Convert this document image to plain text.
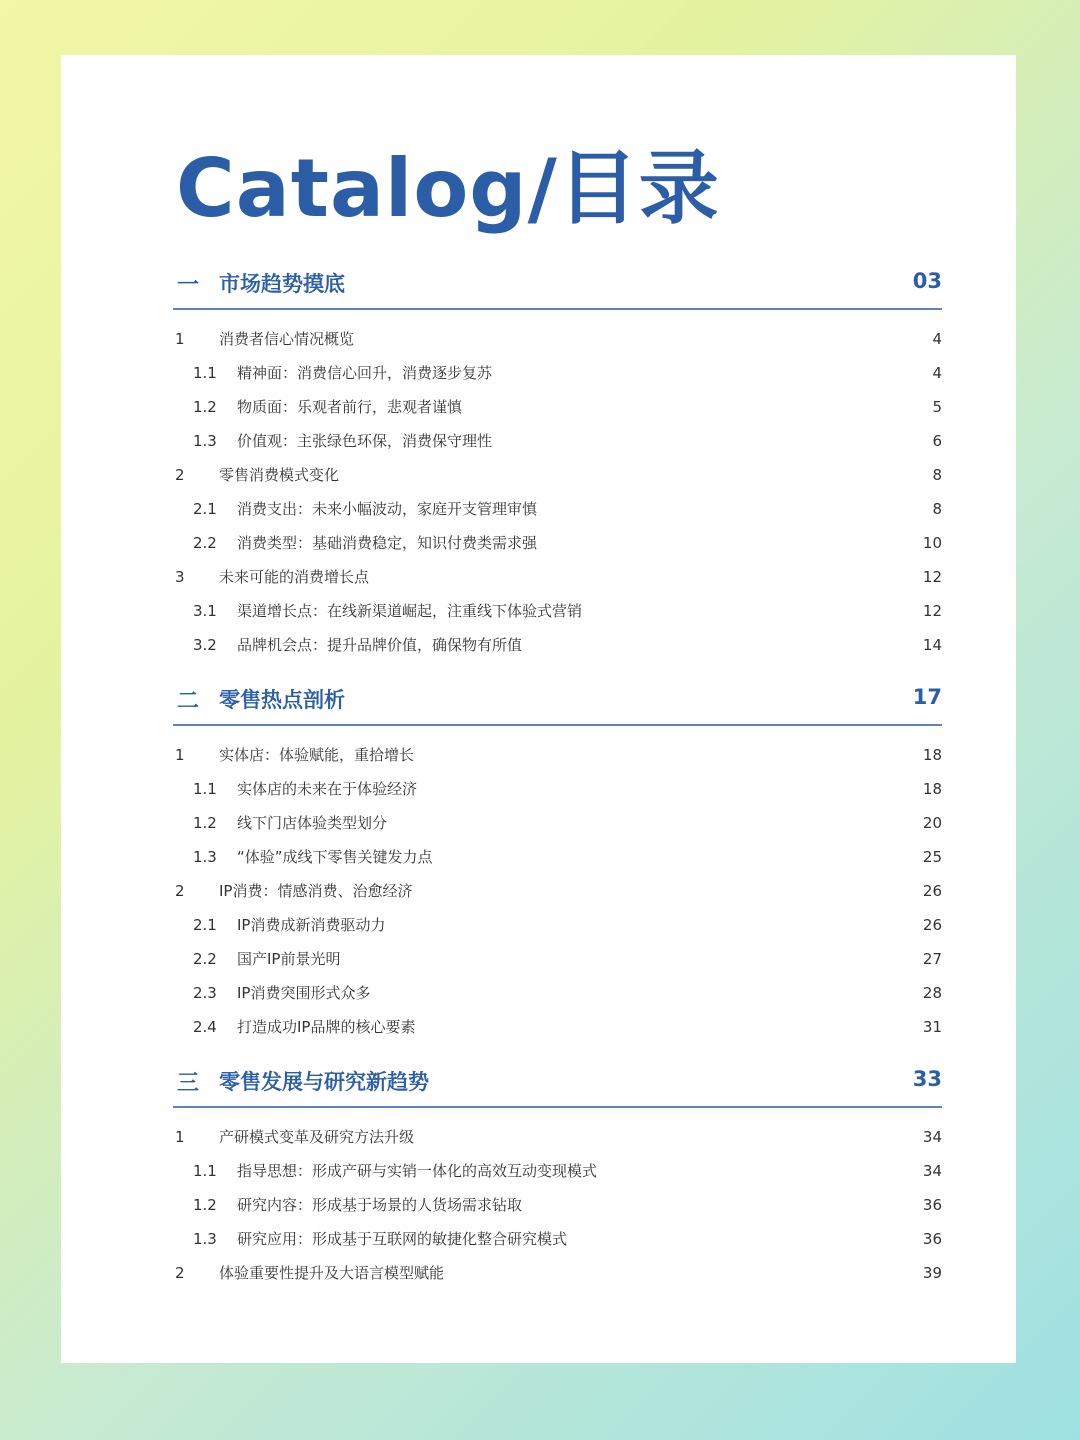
Catalog/目录
一 市场趋势摸底	03
1 消费者信心情况概览	4
1.1 精神面：消费信心回升，消费逐步复苏	4
1.2 物质面：乐观者前行，悲观者谨慎	5
1.3 价值观：主张绿色环保，消费保守理性	6
2 零售消费模式变化	8
2.1 消费支出：未来小幅波动，家庭开支管理审慎	8
2.2 消费类型：基础消费稳定，知识付费类需求强	10
3 未来可能的消费增长点	12
3.1 渠道增长点：在线新渠道崛起，注重线下体验式营销	12
3.2 品牌机会点：提升品牌价值，确保物有所值	14
二 零售热点剖析	17
1 实体店：体验赋能，重拾增长	18
1.1 实体店的未来在于体验经济	18
1.2 线下门店体验类型划分	20
1.3 “体验”成线下零售关键发力点	25
2 IP消费：情感消费、治愈经济	26
2.1 IP消费成新消费驱动力	26
2.2 国产IP前景光明	27
2.3 IP消费突围形式众多	28
2.4 打造成功IP品牌的核心要素	31
三 零售发展与研究新趋势	33
1 产研模式变革及研究方法升级	34
1.1 指导思想：形成产研与实销一体化的高效互动变现模式	34
1.2 研究内容：形成基于场景的人货场需求钻取	36
1.3 研究应用：形成基于互联网的敏捷化整合研究模式	36
2 体验重要性提升及大语言模型赋能	39
